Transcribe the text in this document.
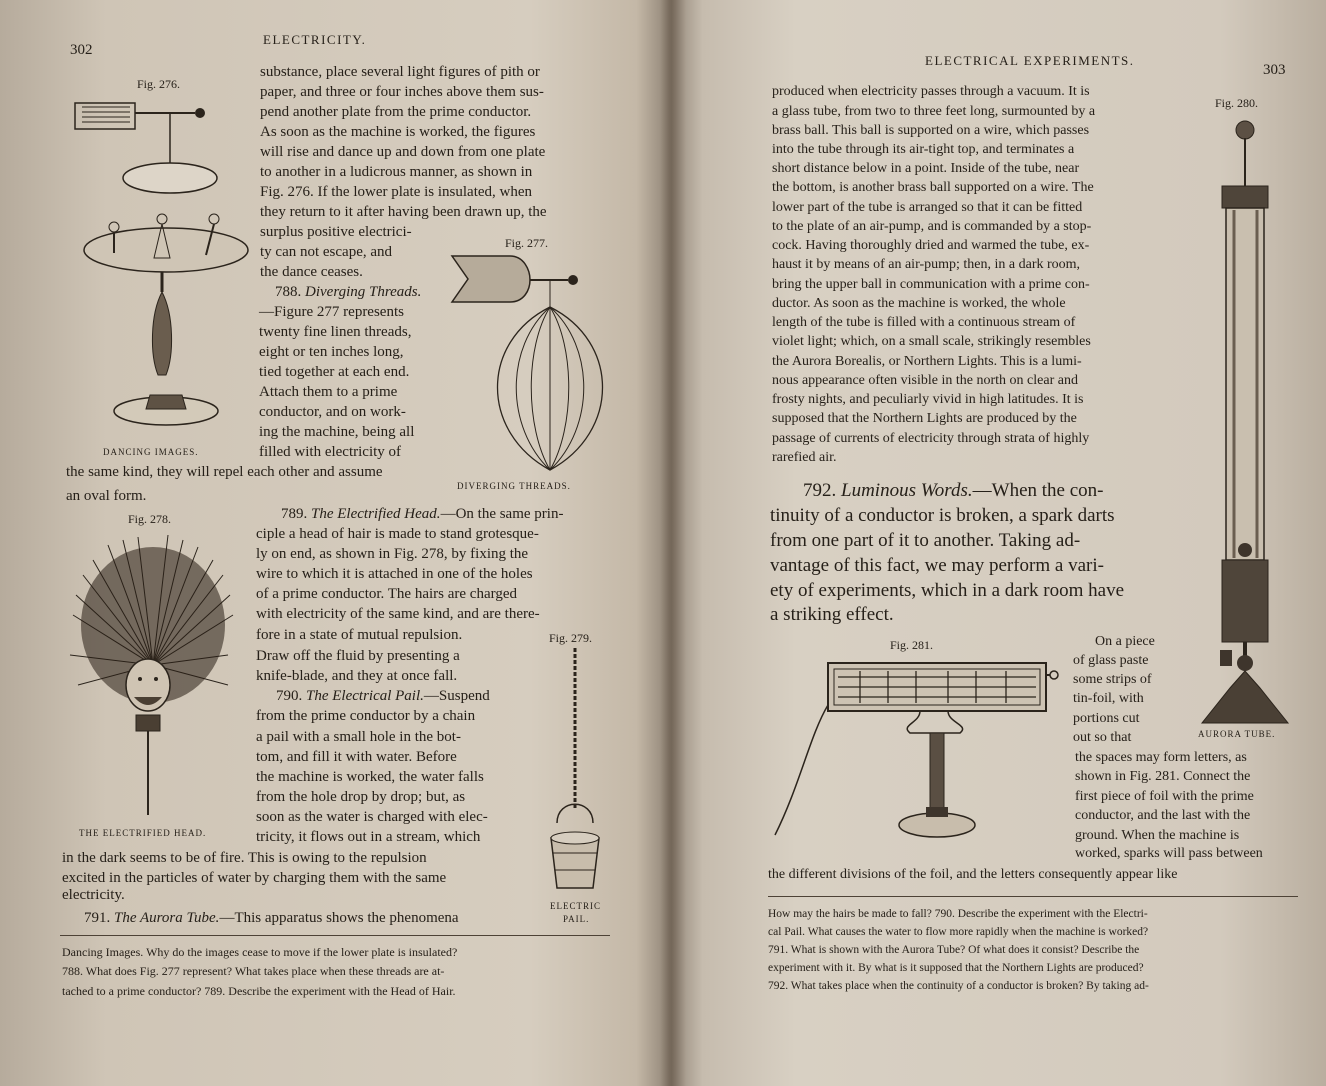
302
ELECTRICITY.
Fig. 276.
DANCING IMAGES.
Fig. 277.
DIVERGING THREADS.
Fig. 278.
THE ELECTRIFIED HEAD.
Fig. 279.
ELECTRIC
PAIL.
substance, place several light figures of pith or
paper, and three or four inches above them sus-
pend another plate from the prime conductor.
As soon as the machine is worked, the figures
will rise and dance up and down from one plate
to another in a ludicrous manner, as shown in
Fig. 276. If the lower plate is insulated, when
they return to it after having been drawn up, the
surplus positive electrici-
ty can not escape, and
the dance ceases.
788. Diverging Threads.
—Figure 277 represents
twenty fine linen threads,
eight or ten inches long,
tied together at each end.
Attach them to a prime
conductor, and on work-
ing the machine, being all
filled with electricity of
the same kind, they will repel each other and assume
an oval form.
789. The Electrified Head.—On the same prin-
ciple a head of hair is made to stand grotesque-
ly on end, as shown in Fig. 278, by fixing the
wire to which it is attached in one of the holes
of a prime conductor. The hairs are charged
with electricity of the same kind, and are there-
fore in a state of mutual repulsion.
Draw off the fluid by presenting a
knife-blade, and they at once fall.
790. The Electrical Pail.—Suspend
from the prime conductor by a chain
a pail with a small hole in the bot-
tom, and fill it with water. Before
the machine is worked, the water falls
from the hole drop by drop; but, as
soon as the water is charged with elec-
tricity, it flows out in a stream, which
in the dark seems to be of fire. This is owing to the repulsion
excited in the particles of water by charging them with the same
electricity.
791. The Aurora Tube.—This apparatus shows the phenomena
Dancing Images. Why do the images cease to move if the lower plate is insulated?
788. What does Fig. 277 represent? What takes place when these threads are at-
tached to a prime conductor? 789. Describe the experiment with the Head of Hair.
ELECTRICAL EXPERIMENTS.
303
Fig. 280.
AURORA TUBE.
produced when electricity passes through a vacuum. It is
a glass tube, from two to three feet long, surmounted by a
brass ball. This ball is supported on a wire, which passes
into the tube through its air-tight top, and terminates a
short distance below in a point. Inside of the tube, near
the bottom, is another brass ball supported on a wire. The
lower part of the tube is arranged so that it can be fitted
to the plate of an air-pump, and is commanded by a stop-
cock. Having thoroughly dried and warmed the tube, ex-
haust it by means of an air-pump; then, in a dark room,
bring the upper ball in communication with a prime con-
ductor. As soon as the machine is worked, the whole
length of the tube is filled with a continuous stream of
violet light; which, on a small scale, strikingly resembles
the Aurora Borealis, or Northern Lights. This is a lumi-
nous appearance often visible in the north on clear and
frosty nights, and peculiarly vivid in high latitudes. It is
supposed that the Northern Lights are produced by the
passage of currents of electricity through strata of highly
rarefied air.
792. Luminous Words.—When the con-
tinuity of a conductor is broken, a spark darts
from one part of it to another. Taking ad-
vantage of this fact, we may perform a vari-
ety of experiments, which in a dark room have
a striking effect.
Fig. 281.	On a piece
of glass paste
some strips of
tin-foil, with
portions cut
out so that
the spaces may form letters, as
shown in Fig. 281. Connect the
first piece of foil with the prime
conductor, and the last with the
ground. When the machine is
worked, sparks will pass between
the different divisions of the foil, and the letters consequently appear like
How may the hairs be made to fall? 790. Describe the experiment with the Electri-
cal Pail. What causes the water to flow more rapidly when the machine is worked?
791. What is shown with the Aurora Tube? Of what does it consist? Describe the
experiment with it. By what is it supposed that the Northern Lights are produced?
792. What takes place when the continuity of a conductor is broken? By taking ad-
